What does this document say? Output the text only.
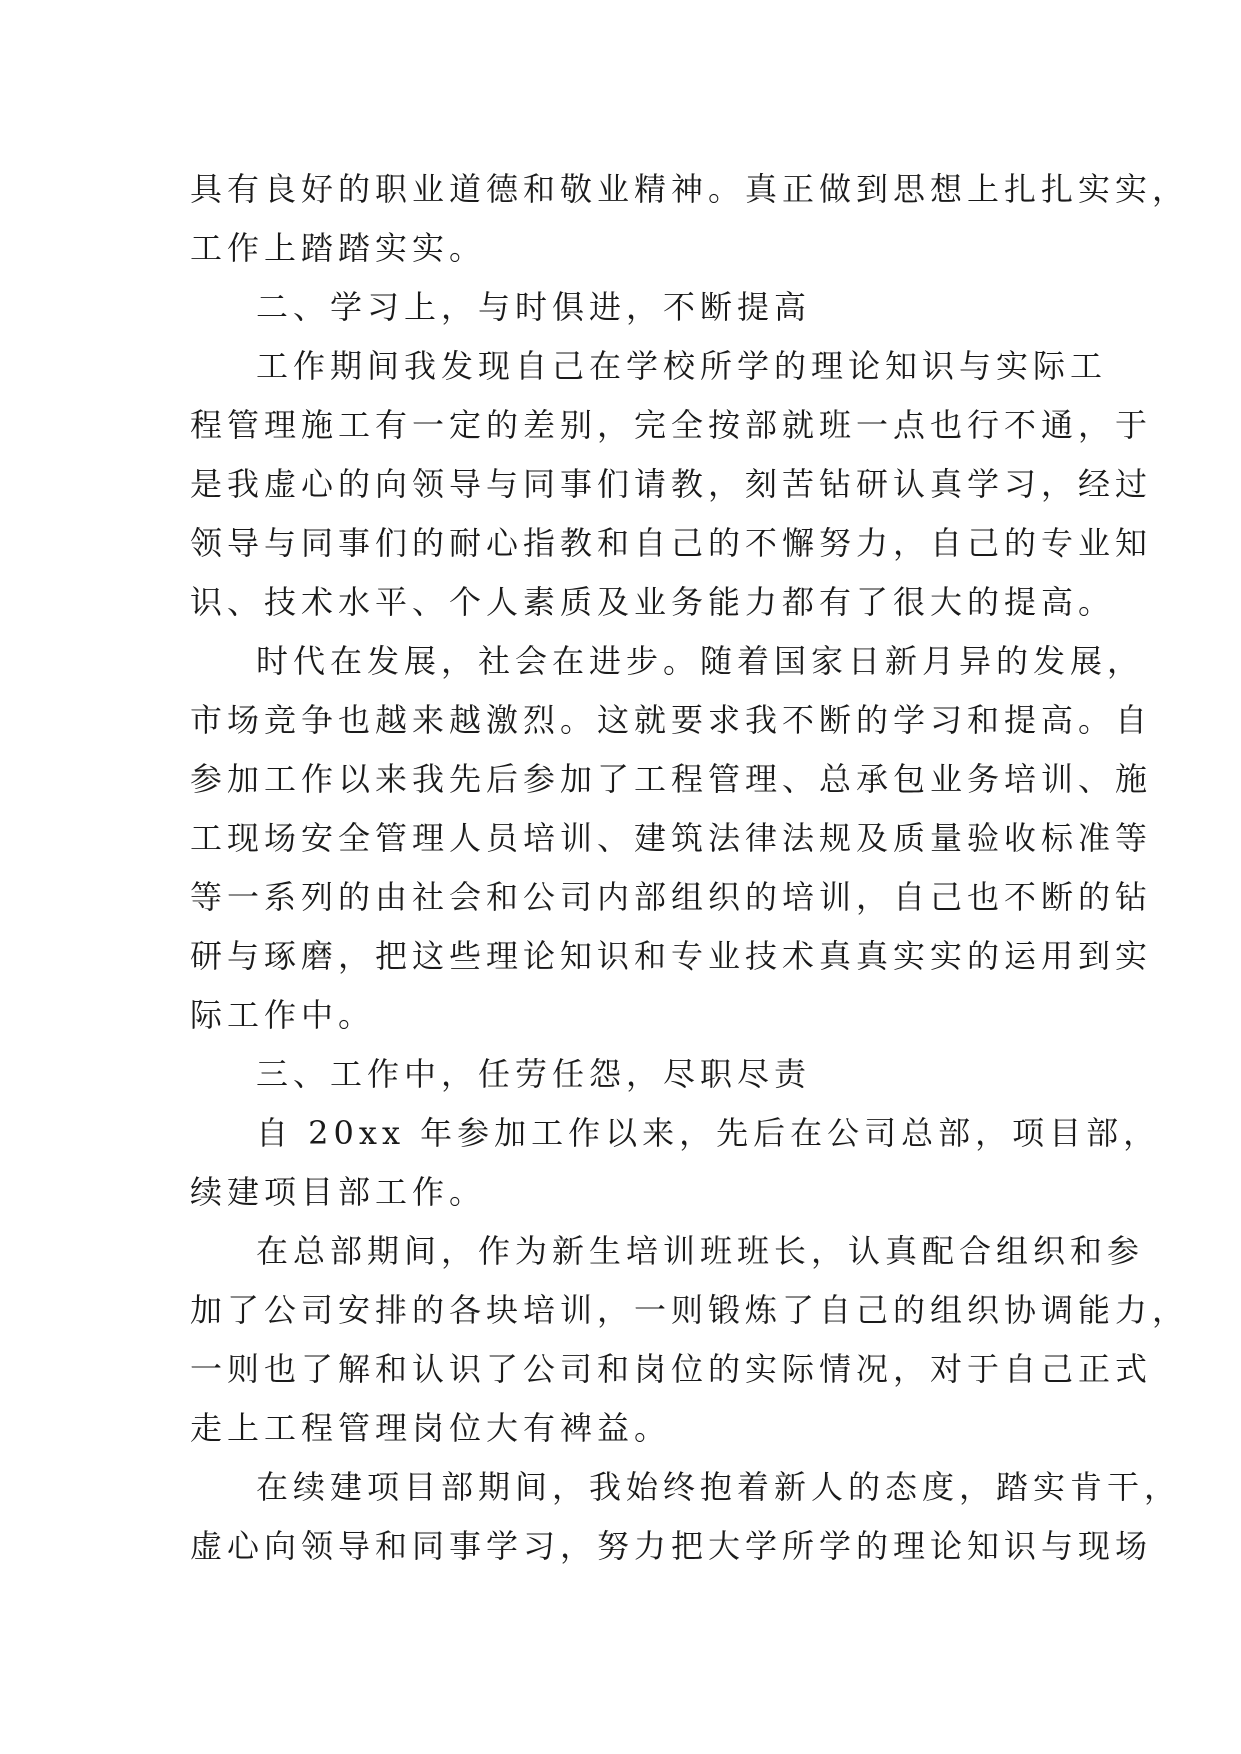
具有良好的职业道德和敬业精神。真正做到思想上扎扎实实，
工作上踏踏实实。
二、学习上，与时俱进，不断提高
工作期间我发现自己在学校所学的理论知识与实际工
程管理施工有一定的差别，完全按部就班一点也行不通，于
是我虚心的向领导与同事们请教，刻苦钻研认真学习，经过
领导与同事们的耐心指教和自己的不懈努力，自己的专业知
识、技术水平、个人素质及业务能力都有了很大的提高。
时代在发展，社会在进步。随着国家日新月异的发展，
市场竞争也越来越激烈。这就要求我不断的学习和提高。自
参加工作以来我先后参加了工程管理、总承包业务培训、施
工现场安全管理人员培训、建筑法律法规及质量验收标准等
等一系列的由社会和公司内部组织的培训，自己也不断的钻
研与琢磨，把这些理论知识和专业技术真真实实的运用到实
际工作中。
三、工作中，任劳任怨，尽职尽责
自 20xx 年参加工作以来，先后在公司总部，项目部，
续建项目部工作。
在总部期间，作为新生培训班班长，认真配合组织和参
加了公司安排的各块培训，一则锻炼了自己的组织协调能力，
一则也了解和认识了公司和岗位的实际情况，对于自己正式
走上工程管理岗位大有裨益。
在续建项目部期间，我始终抱着新人的态度，踏实肯干，
虚心向领导和同事学习，努力把大学所学的理论知识与现场
